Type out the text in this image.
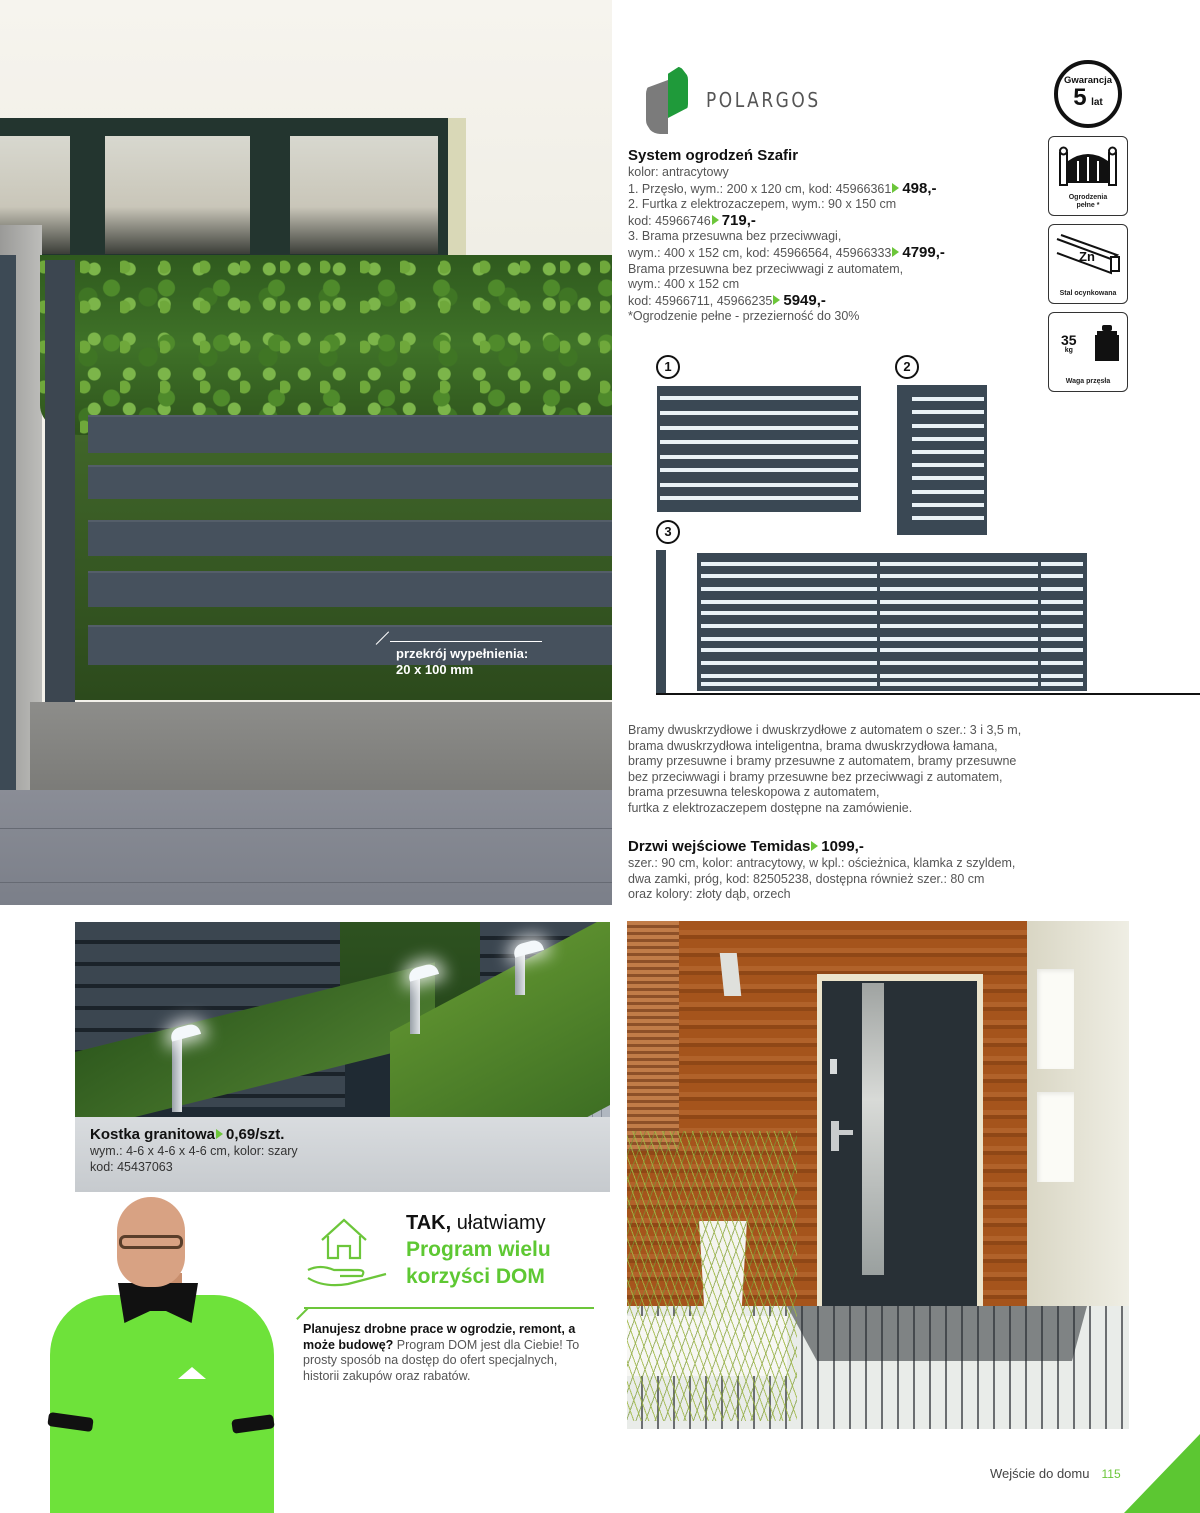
przekrój wypełnienia:
20 x 100 mm
POLARGOS
System ogrodzeń Szafir
kolor: antracytowy
1. Przęsło, wym.: 200 x 120 cm, kod: 45966361 498,-
2. Furtka z elektrozaczepem, wym.: 90 x 150 cm
kod: 45966746 719,-
3. Brama przesuwna bez przeciwwagi,
wym.: 400 x 152 cm, kod: 45966564, 45966333 4799,-
Brama przesuwna bez przeciwwagi z automatem,
wym.: 400 x 152 cm
kod: 45966711, 45966235 5949,-
*Ogrodzenie pełne - przezierność do 30%
Gwarancja
5 lat
Ogrodzenia
pełne *
Zn
Stal ocynkowana
35
kg
Waga przęsła
1	2
3
Bramy dwuskrzydłowe i dwuskrzydłowe z automatem o szer.: 3 i 3,5 m,
brama dwuskrzydłowa inteligentna, brama dwuskrzydłowa łamana,
bramy przesuwne i bramy przesuwne z automatem, bramy przesuwne
bez przeciwwagi i bramy przesuwne bez przeciwwagi z automatem,
brama przesuwna teleskopowa z automatem,
furtka z elektrozaczepem dostępne na zamówienie.
Drzwi wejściowe Temidas 1099,-
szer.: 90 cm, kolor: antracytowy, w kpl.: ościeżnica, klamka z szyldem,
dwa zamki, próg, kod: 82505238, dostępna również szer.: 80 cm
oraz kolory: złoty dąb, orzech
Kostka granitowa 0,69/szt.
wym.: 4-6 x 4-6 x 4-6 cm, kolor: szary
kod: 45437063
TAK, ułatwiamy
Program wielu
korzyści DOM
Planujesz drobne prace w ogrodzie, remont, a może budowę? Program DOM jest dla Ciebie! To prosty sposób na dostęp do ofert specjalnych, historii zakupów oraz rabatów.
Wejście do domu 115
